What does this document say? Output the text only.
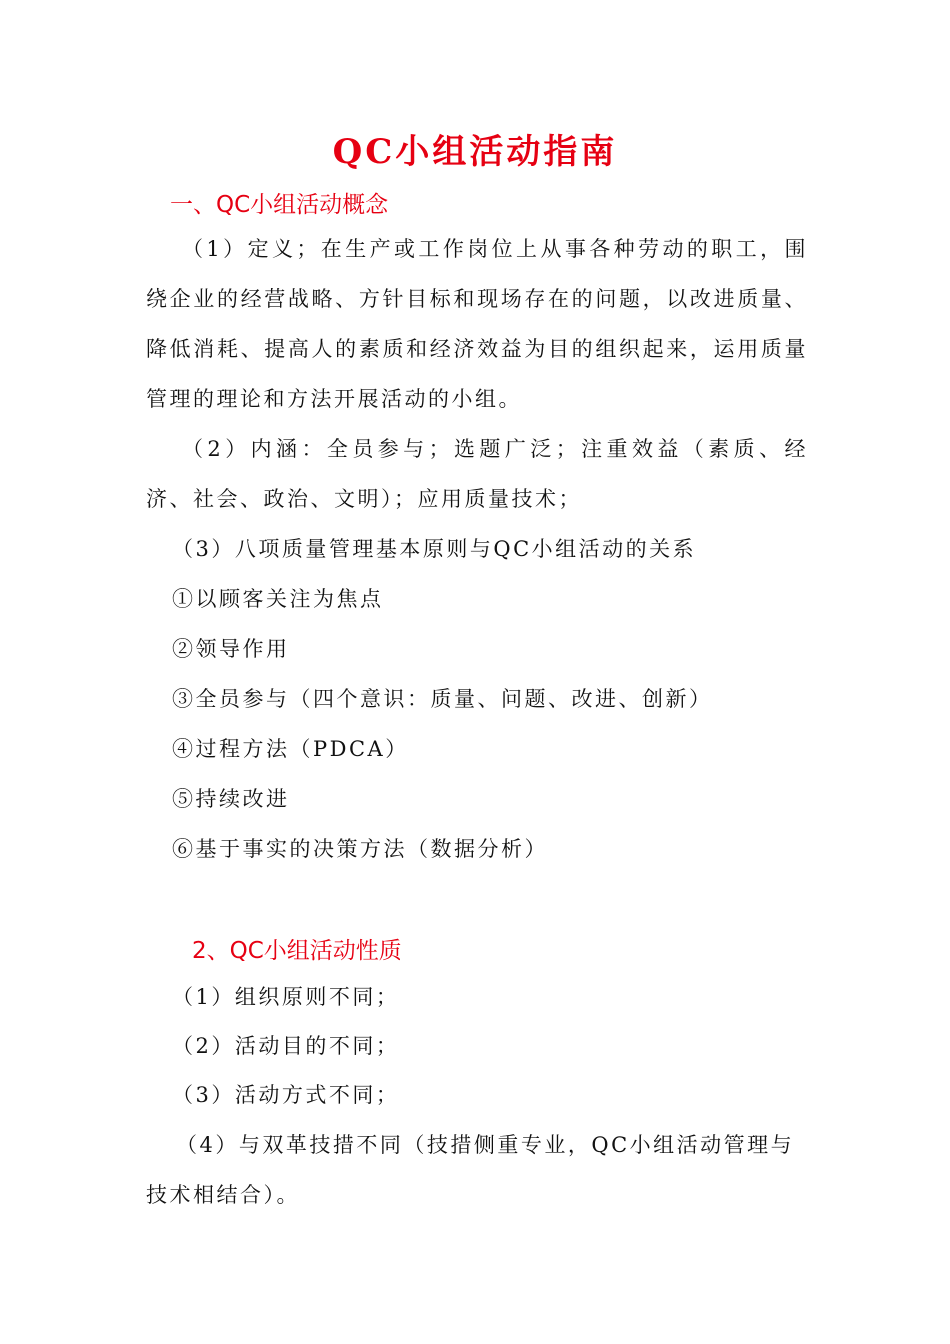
QC小组活动指南
一、QC小组活动概念

（1）定义；在生产或工作岗位上从事各种劳动的职工，围绕企业的经营战略、方针目标和现场存在的问题，以改进质量、降低消耗、提高人的素质和经济效益为目的组织起来，运用质量管理的理论和方法开展活动的小组。

（2）内涵：全员参与；选题广泛；注重效益（素质、经济、社会、政治、文明）；应用质量技术；

（3）八项质量管理基本原则与QC小组活动的关系
①以顾客关注为焦点
②领导作用
③全员参与（四个意识：质量、问题、改进、创新）
④过程方法（PDCA）
⑤持续改进
⑥基于事实的决策方法（数据分析）
2、QC小组活动性质
（1）组织原则不同；
（2）活动目的不同；
（3）活动方式不同；

（4）与双革技措不同（技措侧重专业，QC小组活动管理与技术相结合）。
